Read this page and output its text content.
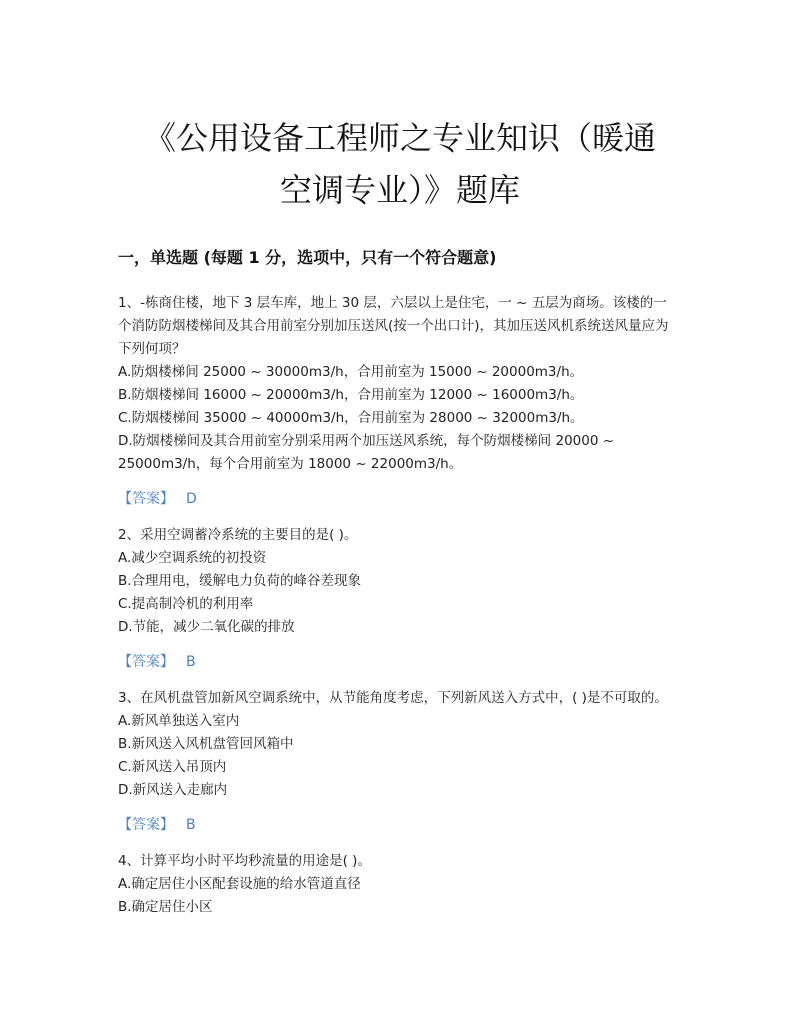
《公用设备工程师之专业知识（暖通
空调专业）》题库
一，单选题 (每题 1 分，选项中，只有一个符合题意)

1、-栋商住楼，地下 3 层车库，地上 30 层，六层以上是住宅，一 ~ 五层为商场。该楼的一个消防防烟楼梯间及其合用前室分别加压送风(按一个出口计)，其加压送风机系统送风量应为下列何项？

A.防烟楼梯间 25000 ~ 30000m3/h，合用前室为 15000 ~ 20000m3/h。
B.防烟楼梯间 16000 ~ 20000m3/h，合用前室为 12000 ~ 16000m3/h。
C.防烟楼梯间 35000 ~ 40000m3/h，合用前室为 28000 ~ 32000m3/h。
D.防烟楼梯间及其合用前室分别采用两个加压送风系统，每个防烟楼梯间 20000 ~ 25000m3/h，每个合用前室为 18000 ~ 22000m3/h。
【答案】 D

2、采用空调蓄冷系统的主要目的是( )。

A.减少空调系统的初投资
B.合理用电，缓解电力负荷的峰谷差现象
C.提高制冷机的利用率
D.节能，减少二氧化碳的排放
【答案】 B

3、在风机盘管加新风空调系统中，从节能角度考虑，下列新风送入方式中，( )是不可取的。

A.新风单独送入室内
B.新风送入风机盘管回风箱中
C.新风送入吊顶内
D.新风送入走廊内
【答案】 B

4、计算平均小时平均秒流量的用途是( )。

A.确定居住小区配套设施的给水管道直径
B.确定居住小区
